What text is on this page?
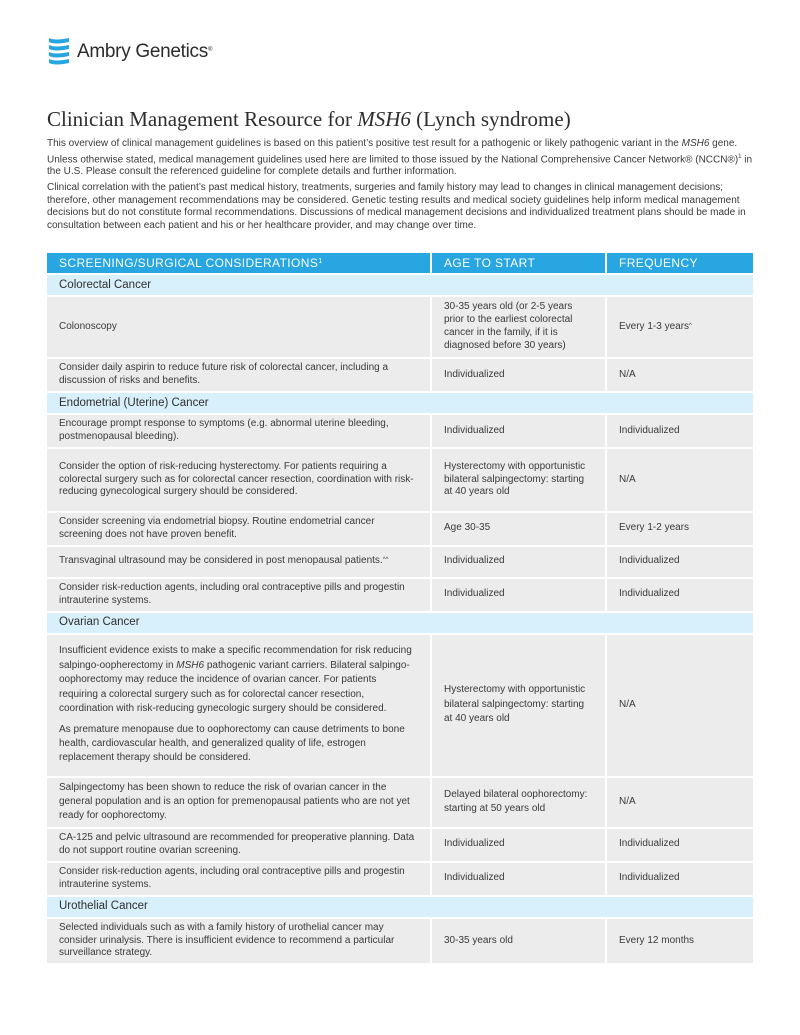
Ambry Genetics®
Clinician Management Resource for MSH6 (Lynch syndrome)

This overview of clinical management guidelines is based on this patient’s positive test result for a pathogenic or likely pathogenic variant in the MSH6 gene. Unless otherwise stated, medical management guidelines used here are limited to those issued by the National Comprehensive Cancer Network® (NCCN®)$^1$ in the U.S. Please consult the referenced guideline for complete details and further information.

Clinical correlation with the patient’s past medical history, treatments, surgeries and family history may lead to changes in clinical management decisions; therefore, other management recommendations may be considered. Genetic testing results and medical society guidelines help inform medical management decisions but do not constitute formal recommendations. Discussions of medical management decisions and individualized treatment plans should be made in consultation between each patient and his or her healthcare provider, and may change over time.

SCREENING/SURGICAL CONSIDERATIONS$^1$	AGE TO START	FREQUENCY
Colorectal Cancer		
Colonoscopy	30-35 years old (or 2-5 years prior to the earliest colorectal cancer in the family, if it is diagnosed before 30 years)	Every 1-3 years^
Consider daily aspirin to reduce future risk of colorectal cancer, including a discussion of risks and benefits.	Individualized	N/A
Endometrial (Uterine) Cancer		
Encourage prompt response to symptoms (e.g. abnormal uterine bleeding, postmenopausal bleeding).	Individualized	Individualized
Consider the option of risk-reducing hysterectomy. For patients requiring a colorectal surgery such as for colorectal cancer resection, coordination with risk-reducing gynecological surgery should be considered.	Hysterectomy with opportunistic bilateral salpingectomy: starting at 40 years old	N/A
Consider screening via endometrial biopsy. Routine endometrial cancer screening does not have proven benefit.	Age 30-35	Every 1-2 years
Transvaginal ultrasound may be considered in post menopausal patients.^^	Individualized	Individualized
Consider risk-reduction agents, including oral contraceptive pills and progestin intrauterine systems.	Individualized	Individualized
Ovarian Cancer		

Insufficient evidence exists to make a specific recommendation for risk reducing salpingo-oopherectomy in MSH6 pathogenic variant carriers. Bilateral salpingo-oophorectomy may reduce the incidence of ovarian cancer. For patients requiring a colorectal surgery such as for colorectal cancer resection, coordination with risk-reducing gynecologic surgery should be considered.
As premature menopause due to oophorectomy can cause detriments to bone health, cardiovascular health, and generalized quality of life, estrogen replacement therapy should be considered.	Hysterectomy with opportunistic bilateral salpingectomy: starting at 40 years old	N/A
Salpingectomy has been shown to reduce the risk of ovarian cancer in the general population and is an option for premenopausal patients who are not yet ready for oophorectomy.	Delayed bilateral oophorectomy: starting at 50 years old	N/A
CA-125 and pelvic ultrasound are recommended for preoperative planning. Data do not support routine ovarian screening.	Individualized	Individualized
Consider risk-reduction agents, including oral contraceptive pills and progestin intrauterine systems.	Individualized	Individualized
Urothelial Cancer		
Selected individuals such as with a family history of urothelial cancer may consider urinalysis. There is insufficient evidence to recommend a particular surveillance strategy.	30-35 years old	Every 12 months
